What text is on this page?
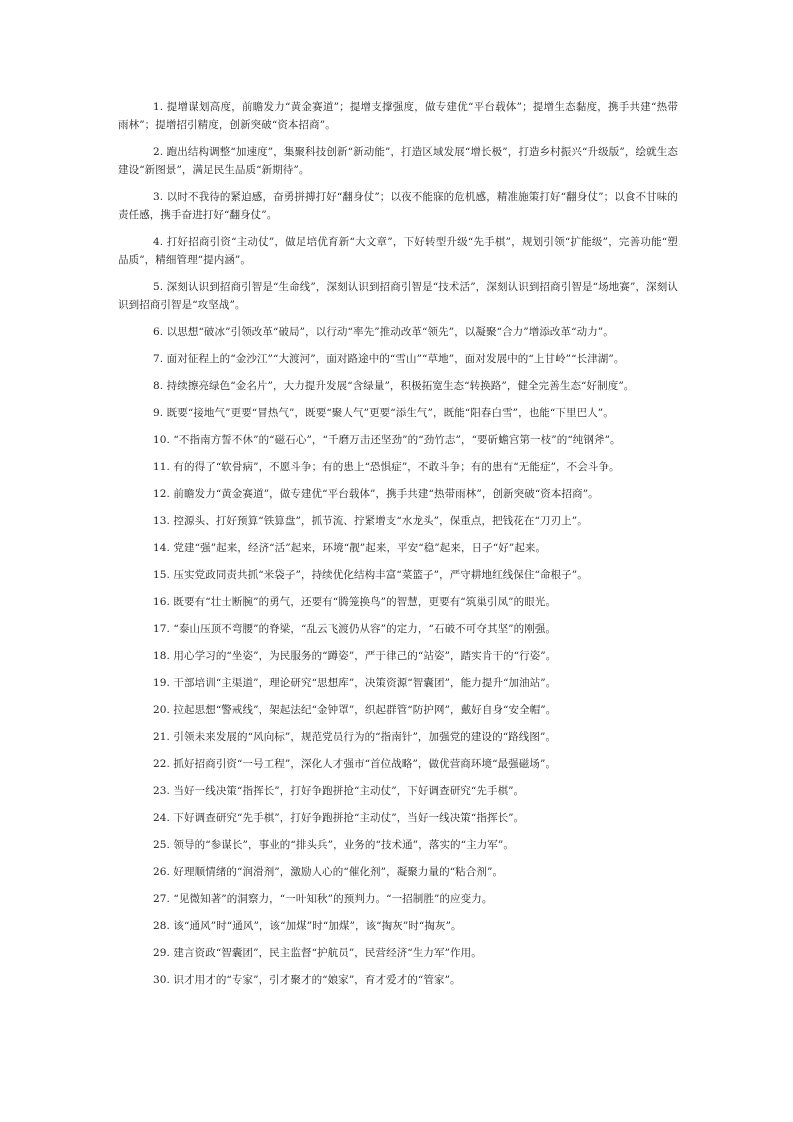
1. 提增谋划高度，前瞻发力“黄金赛道”；提增支撑强度，做专建优“平台载体”；提增生态黏度，携手共建“热带雨林”；提增招引精度，创新突破“资本招商”。

2. 跑出结构调整“加速度”，集聚科技创新“新动能”，打造区域发展“增长极”，打造乡村振兴“升级版”，绘就生态建设“新图景”，满足民生品质“新期待”。

3. 以时不我待的紧迫感，奋勇拼搏打好“翻身仗”；以夜不能寐的危机感，精准施策打好“翻身仗”；以食不甘味的责任感，携手奋进打好“翻身仗”。

4. 打好招商引资“主动仗”，做足培优育新“大文章”，下好转型升级“先手棋”，规划引领“扩能级”，完善功能“塑品质”，精细管理“提内涵”。

5. 深刻认识到招商引智是“生命线”，深刻认识到招商引智是“技术活”，深刻认识到招商引智是“场地赛”，深刻认识到招商引智是“攻坚战”。

6. 以思想“破冰”引领改革“破局”，以行动“率先”推动改革“领先”，以凝聚“合力”增添改革“动力”。

7. 面对征程上的“金沙江”“大渡河”，面对路途中的“雪山”“草地”，面对发展中的“上甘岭”“长津湖”。

8. 持续擦亮绿色“金名片”，大力提升发展“含绿量”，积极拓宽生态“转换路”，健全完善生态“好制度”。

9. 既要“接地气”更要“冒热气”，既要“聚人气”更要“添生气”，既能“阳春白雪”，也能“下里巴人”。

10. “不指南方誓不休”的“磁石心”，“千磨万击还坚劲”的“劲竹志”，“要斫蟾宫第一枝”的“纯钢斧”。

11. 有的得了“软骨病”，不愿斗争；有的患上“恐惧症”，不敢斗争；有的患有“无能症”，不会斗争。

12. 前瞻发力“黄金赛道”，做专建优“平台载体”，携手共建“热带雨林”，创新突破“资本招商”。

13. 控源头、打好预算“铁算盘”，抓节流、拧紧增支“水龙头”，保重点，把钱花在“刀刃上”。

14. 党建“强”起来，经济“活”起来，环境“靓”起来，平安“稳”起来，日子“好”起来。

15. 压实党政同责共抓“米袋子”，持续优化结构丰富“菜篮子”，严守耕地红线保住“命根子”。

16. 既要有“壮士断腕”的勇气，还要有“腾笼换鸟”的智慧，更要有“筑巢引凤”的眼光。

17. “泰山压顶不弯腰”的脊梁，“乱云飞渡仍从容”的定力，“石破不可夺其坚”的刚强。

18. 用心学习的“坐姿”，为民服务的“蹲姿”，严于律己的“站姿”，踏实肯干的“行姿”。

19. 干部培训“主渠道”，理论研究“思想库”，决策资源“智囊团”，能力提升“加油站”。

20. 拉起思想“警戒线”，架起法纪“金钟罩”，织起群管“防护网”，戴好自身“安全帽”。

21. 引领未来发展的“风向标”，规范党员行为的“指南针”，加强党的建设的“路线图”。

22. 抓好招商引资“一号工程”，深化人才强市“首位战略”，做优营商环境“最强磁场”。

23. 当好一线决策“指挥长”，打好争跑拼抢“主动仗”，下好调查研究“先手棋”。

24. 下好调查研究“先手棋”，打好争跑拼抢“主动仗”，当好一线决策“指挥长”。

25. 领导的“参谋长”，事业的“排头兵”，业务的“技术通”，落实的“主力军”。

26. 好理顺情绪的“润滑剂”，激励人心的“催化剂”，凝聚力量的“粘合剂”。

27. “见微知著”的洞察力，“一叶知秋”的预判力。“一招制胜”的应变力。

28. 该“通风”时“通风”，该“加煤”时“加煤”，该“掏灰”时“掏灰”。

29. 建言资政“智囊团”，民主监督“护航员”，民营经济“生力军”作用。

30. 识才用才的“专家”，引才聚才的“娘家”，育才爱才的“管家”。
